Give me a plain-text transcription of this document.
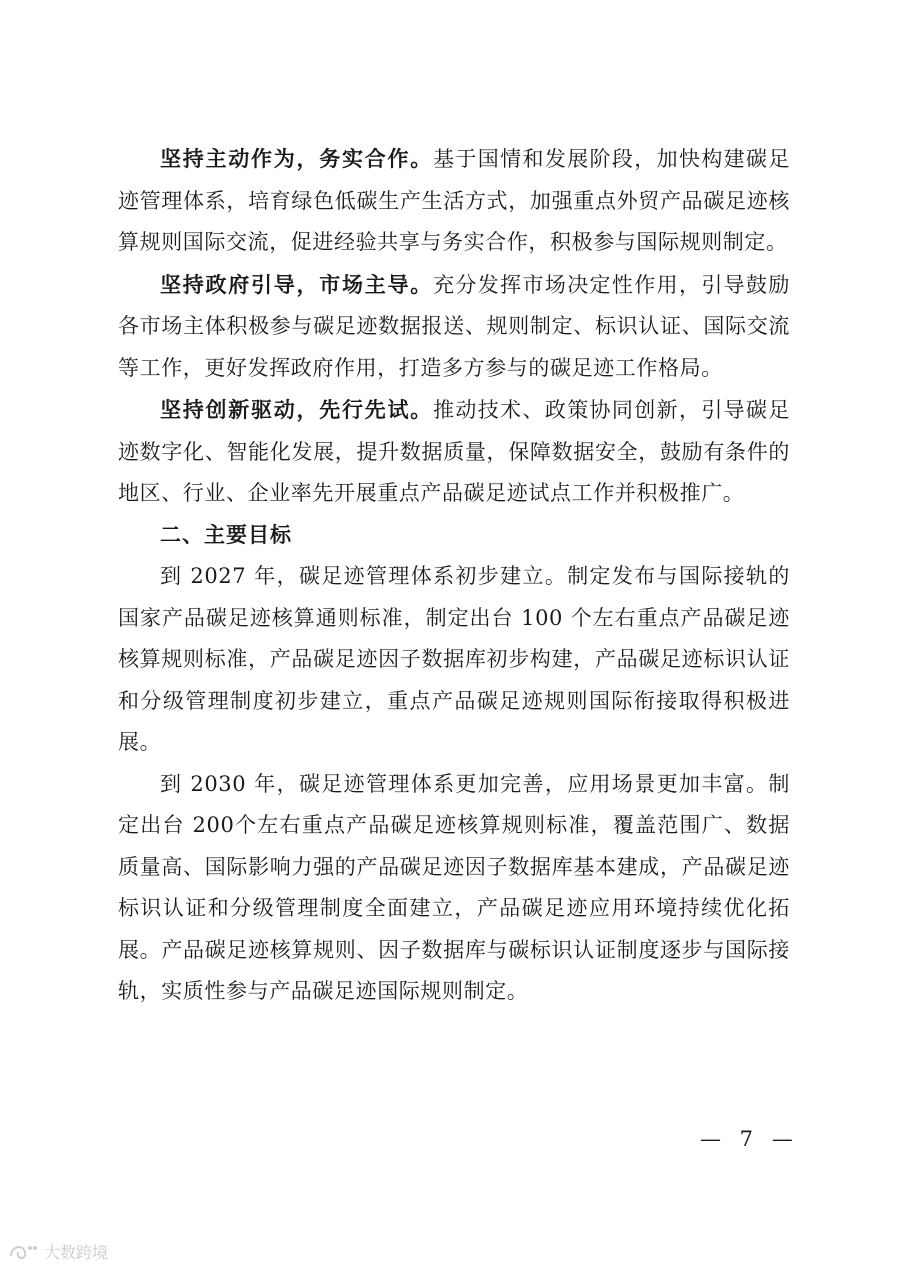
坚持主动作为，务实合作。基于国情和发展阶段，加快构建碳足迹管理体系，培育绿色低碳生产生活方式，加强重点外贸产品碳足迹核算规则国际交流，促进经验共享与务实合作，积极参与国际规则制定。

坚持政府引导，市场主导。充分发挥市场决定性作用，引导鼓励各市场主体积极参与碳足迹数据报送、规则制定、标识认证、国际交流等工作，更好发挥政府作用，打造多方参与的碳足迹工作格局。

坚持创新驱动，先行先试。推动技术、政策协同创新，引导碳足迹数字化、智能化发展，提升数据质量，保障数据安全，鼓励有条件的地区、行业、企业率先开展重点产品碳足迹试点工作并积极推广。

二、主要目标

到 2027 年，碳足迹管理体系初步建立。制定发布与国际接轨的国家产品碳足迹核算通则标准，制定出台 100 个左右重点产品碳足迹核算规则标准，产品碳足迹因子数据库初步构建，产品碳足迹标识认证和分级管理制度初步建立，重点产品碳足迹规则国际衔接取得积极进展。

到 2030 年，碳足迹管理体系更加完善，应用场景更加丰富。制定出台 200个左右重点产品碳足迹核算规则标准，覆盖范围广、数据质量高、国际影响力强的产品碳足迹因子数据库基本建成，产品碳足迹标识认证和分级管理制度全面建立，产品碳足迹应用环境持续优化拓展。产品碳足迹核算规则、因子数据库与碳标识认证制度逐步与国际接轨，实质性参与产品碳足迹国际规则制定。

— 7 —
大数跨境
